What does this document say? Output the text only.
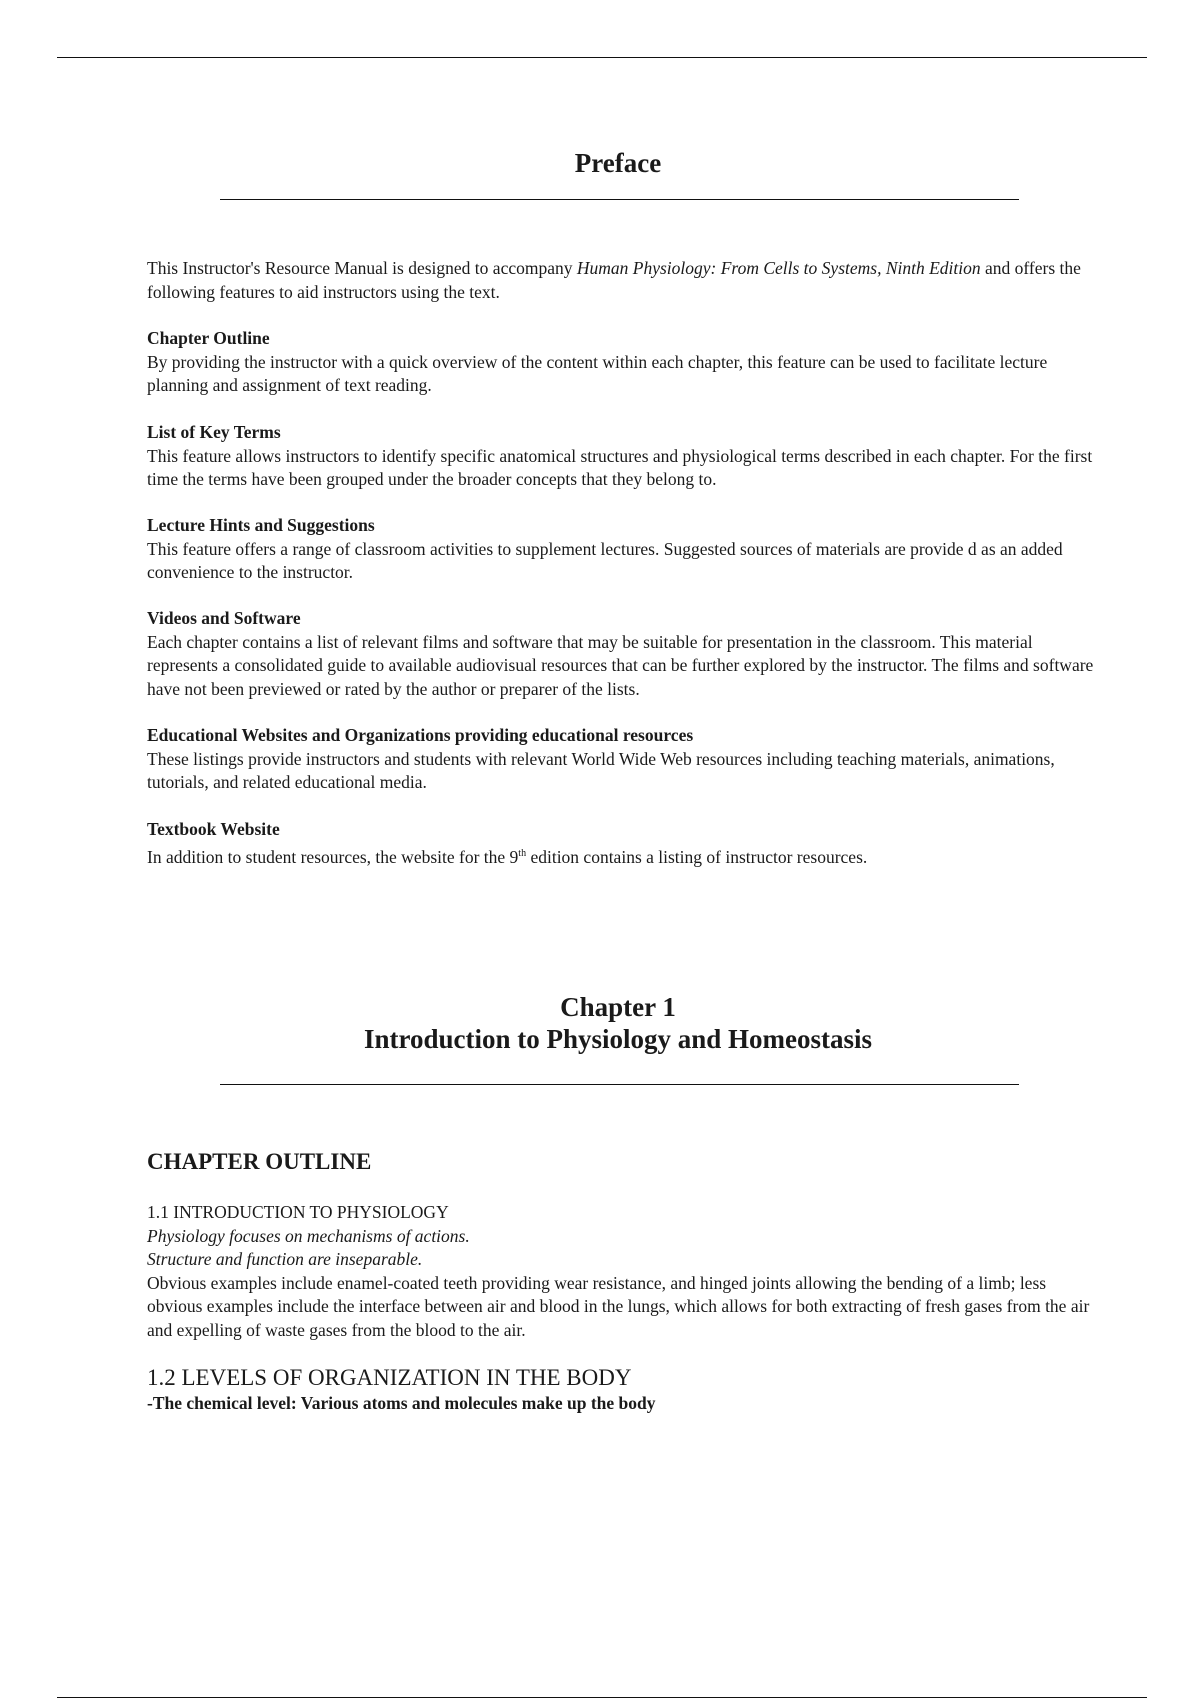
Preface
This Instructor's Resource Manual is designed to accompany Human Physiology: From Cells to Systems, Ninth Edition and offers the following features to aid instructors using the text.
Chapter Outline
By providing the instructor with a quick overview of the content within each chapter, this feature can be used to facilitate lecture planning and assignment of text reading.
List of Key Terms
This feature allows instructors to identify specific anatomical structures and physiological terms described in each chapter. For the first time the terms have been grouped under the broader concepts that they belong to.
Lecture Hints and Suggestions
This feature offers a range of classroom activities to supplement lectures. Suggested sources of materials are provide d as an added convenience to the instructor.
Videos and Software
Each chapter contains a list of relevant films and software that may be suitable for presentation in the classroom. This material represents a consolidated guide to available audiovisual resources that can be further explored by the instructor. The films and software have not been previewed or rated by the author or preparer of the lists.
Educational Websites and Organizations providing educational resources
These listings provide instructors and students with relevant World Wide Web resources including teaching materials, animations, tutorials, and related educational media.
Textbook Website
In addition to student resources, the website for the 9th edition contains a listing of instructor resources.
Chapter 1
Introduction to Physiology and Homeostasis
CHAPTER OUTLINE
1.1 INTRODUCTION TO PHYSIOLOGY
Physiology focuses on mechanisms of actions.
Structure and function are inseparable.
Obvious examples include enamel-coated teeth providing wear resistance, and hinged joints allowing the bending of a limb; less obvious examples include the interface between air and blood in the lungs, which allows for both extracting of fresh gases from the air and expelling of waste gases from the blood to the air.
1.2 LEVELS OF ORGANIZATION IN THE BODY
-The chemical level: Various atoms and molecules make up the body
